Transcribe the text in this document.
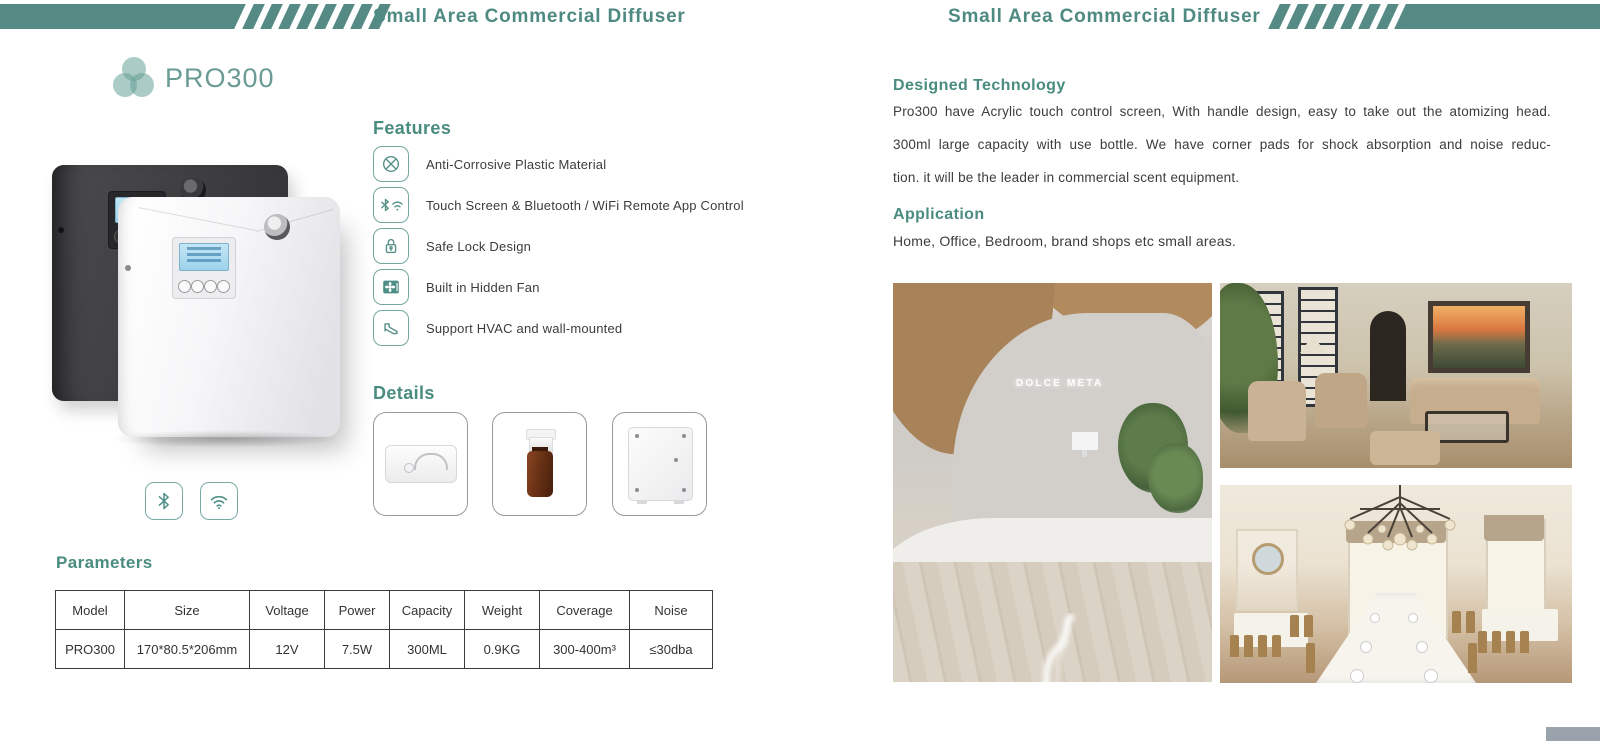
Small Area Commercial Diffuser	Small Area Commercial Diffuser
PRO300
Features
Anti-Corrosive Plastic Material
Touch Screen & Bluetooth / WiFi Remote App Control
Safe Lock Design
Built in Hidden Fan
Support HVAC and wall-mounted
Details
Parameters
Model	Size	Voltage	Power	Capacity	Weight	Coverage	Noise
PRO300	170*80.5*206mm	12V	7.5W	300ML	0.9KG	300-400m³	≤30dba
Designed Technology
Pro300 have Acrylic touch control screen, With handle design, easy to take out the atomizing head.
300ml large capacity with use bottle. We have corner pads for shock absorption and noise reduc-
tion. it will be the leader in commercial scent equipment.
Application
Home, Office, Bedroom, brand shops etc small areas.
DOLCE META
